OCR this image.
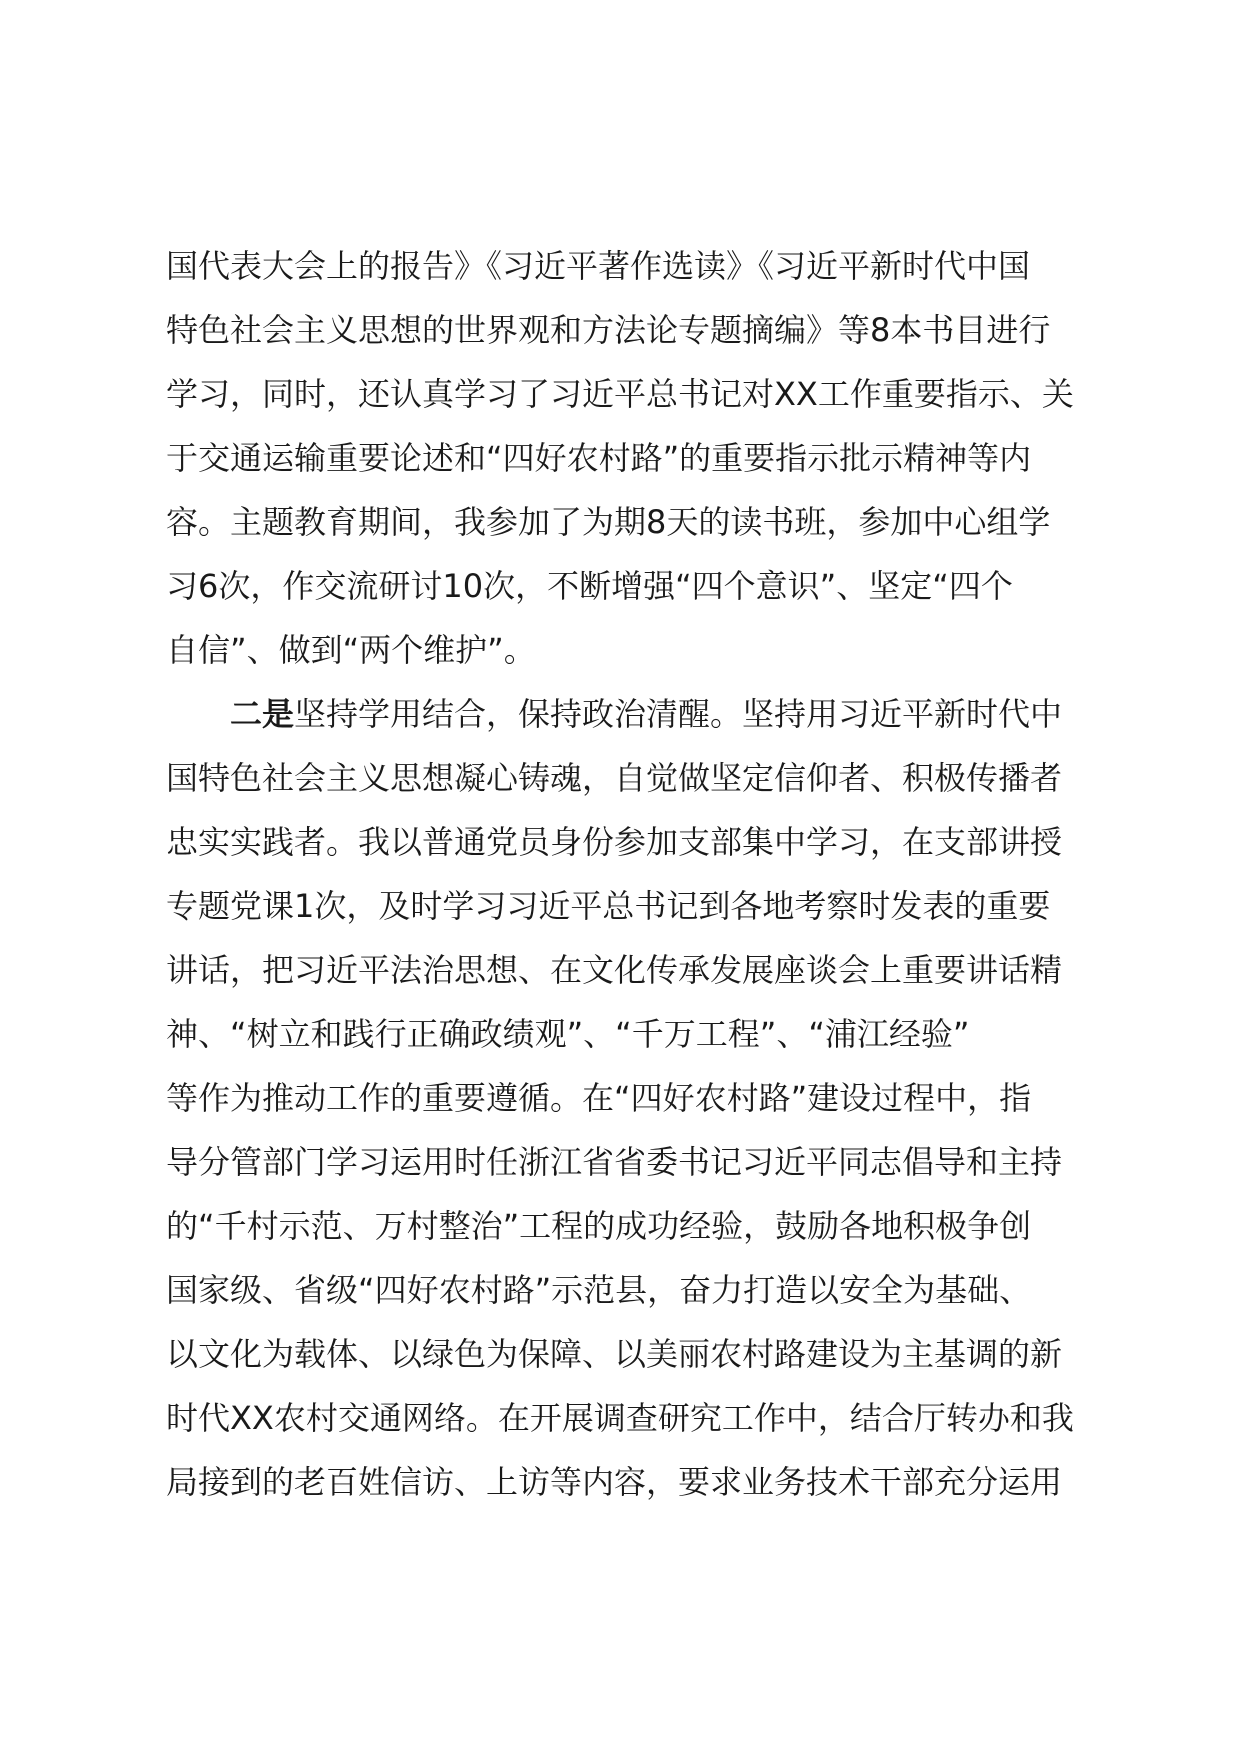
国代表大会上的报告》《习近平著作选读》《习近平新时代中国
特色社会主义思想的世界观和方法论专题摘编》等8本书目进行
学习，同时，还认真学习了习近平总书记对XX工作重要指示、关
于交通运输重要论述和“四好农村路”的重要指示批示精神等内
容。主题教育期间，我参加了为期8天的读书班，参加中心组学
习6次，作交流研讨10次，不断增强“四个意识”、坚定“四个
自信”、做到“两个维护”。
二是坚持学用结合，保持政治清醒。坚持用习近平新时代中
国特色社会主义思想凝心铸魂，自觉做坚定信仰者、积极传播者
忠实实践者。我以普通党员身份参加支部集中学习，在支部讲授
专题党课1次，及时学习习近平总书记到各地考察时发表的重要
讲话，把习近平法治思想、在文化传承发展座谈会上重要讲话精
神、“树立和践行正确政绩观”、“千万工程”、“浦江经验”
等作为推动工作的重要遵循。在“四好农村路”建设过程中，指
导分管部门学习运用时任浙江省省委书记习近平同志倡导和主持
的“千村示范、万村整治”工程的成功经验，鼓励各地积极争创
国家级、省级“四好农村路”示范县，奋力打造以安全为基础、
以文化为载体、以绿色为保障、以美丽农村路建设为主基调的新
时代XX农村交通网络。在开展调查研究工作中，结合厅转办和我
局接到的老百姓信访、上访等内容，要求业务技术干部充分运用
